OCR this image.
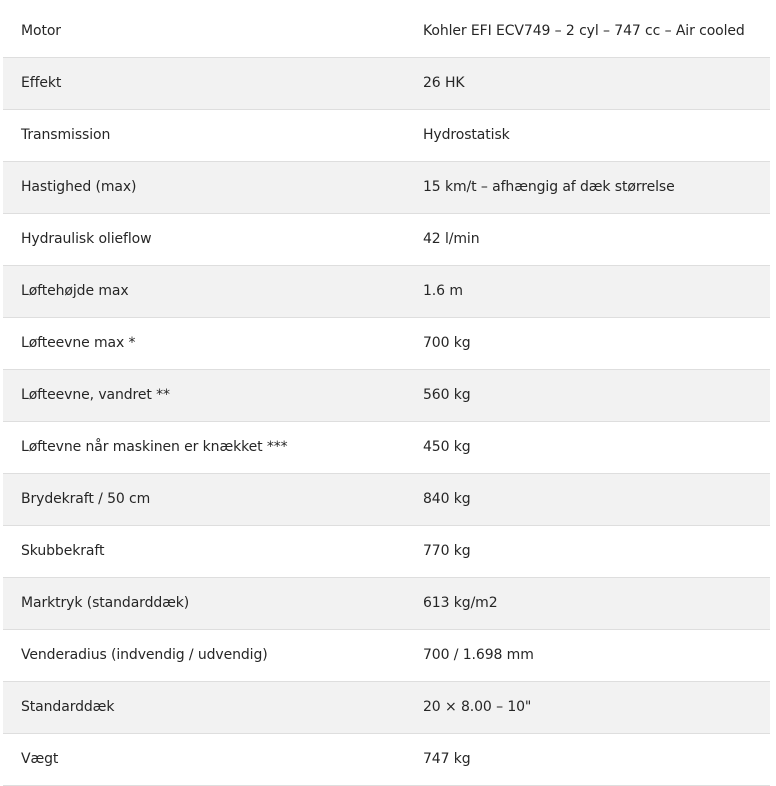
Motor	Kohler EFI ECV749 – 2 cyl – 747 cc – Air cooled
Effekt	26 HK
Transmission	Hydrostatisk
Hastighed (max)	15 km/t – afhængig af dæk størrelse
Hydraulisk olieflow	42 l/min
Løftehøjde max	1.6 m
Løfteevne max *	700 kg
Løfteevne, vandret **	560 kg
Løftevne når maskinen er knækket ***	450 kg
Brydekraft / 50 cm	840 kg
Skubbekraft	770 kg
Marktryk (standarddæk)	613 kg/m2
Venderadius (indvendig / udvendig)	700 / 1.698 mm
Standarddæk	20 × 8.00 – 10"
Vægt	747 kg
